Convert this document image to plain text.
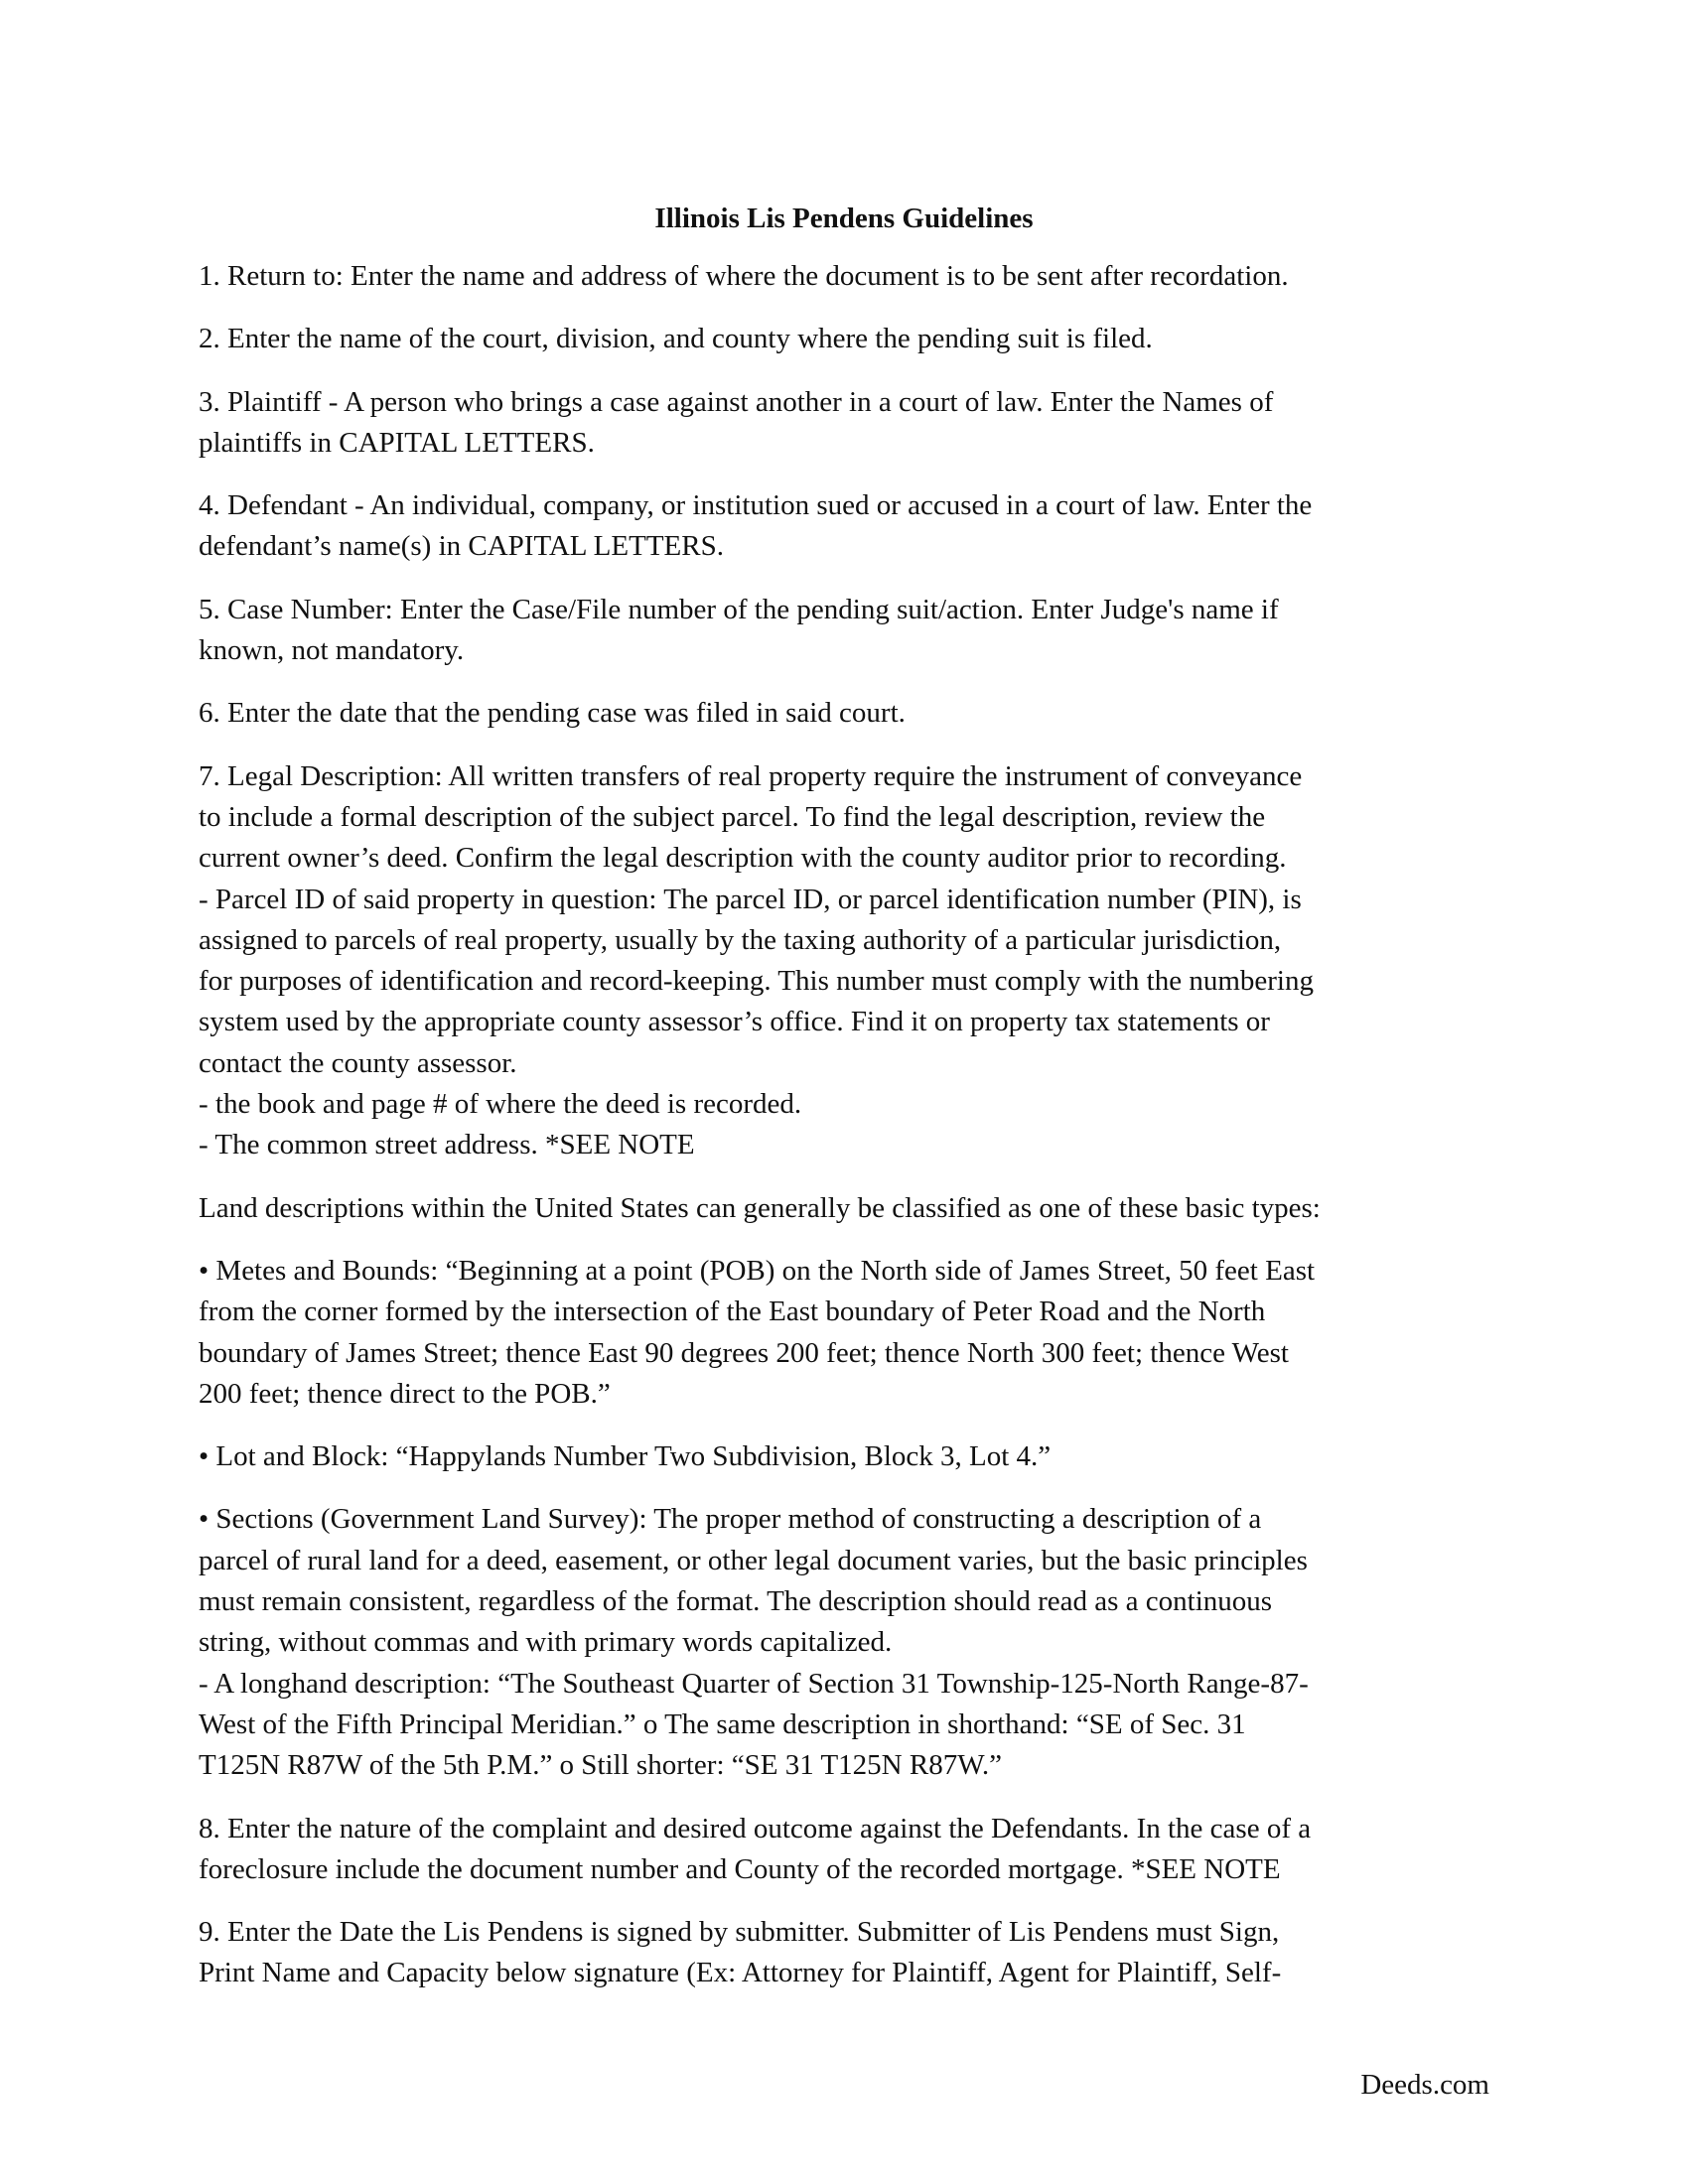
Illinois Lis Pendens Guidelines
1. Return to: Enter the name and address of where the document is to be sent after recordation.
2. Enter the name of the court, division, and county where the pending suit is filed.
3. Plaintiff - A person who brings a case against another in a court of law. Enter the Names of
plaintiffs in CAPITAL LETTERS.
4. Defendant - An individual, company, or institution sued or accused in a court of law. Enter the
defendant’s name(s) in CAPITAL LETTERS.
5. Case Number: Enter the Case/File number of the pending suit/action. Enter Judge's name if
known, not mandatory.
6. Enter the date that the pending case was filed in said court.
7. Legal Description: All written transfers of real property require the instrument of conveyance
to include a formal description of the subject parcel. To find the legal description, review the
current owner’s deed. Confirm the legal description with the county auditor prior to recording.
- Parcel ID of said property in question: The parcel ID, or parcel identification number (PIN), is
assigned to parcels of real property, usually by the taxing authority of a particular jurisdiction,
for purposes of identification and record-keeping. This number must comply with the numbering
system used by the appropriate county assessor’s office. Find it on property tax statements or
contact the county assessor.
- the book and page # of where the deed is recorded.
- The common street address. *SEE NOTE
Land descriptions within the United States can generally be classified as one of these basic types:
• Metes and Bounds: “Beginning at a point (POB) on the North side of James Street, 50 feet East
from the corner formed by the intersection of the East boundary of Peter Road and the North
boundary of James Street; thence East 90 degrees 200 feet; thence North 300 feet; thence West
200 feet; thence direct to the POB.”
• Lot and Block: “Happylands Number Two Subdivision, Block 3, Lot 4.”
• Sections (Government Land Survey): The proper method of constructing a description of a
parcel of rural land for a deed, easement, or other legal document varies, but the basic principles
must remain consistent, regardless of the format. The description should read as a continuous
string, without commas and with primary words capitalized.
- A longhand description: “The Southeast Quarter of Section 31 Township-125-North Range-87-
West of the Fifth Principal Meridian.” o The same description in shorthand: “SE of Sec. 31
T125N R87W of the 5th P.M.” o Still shorter: “SE 31 T125N R87W.”
8. Enter the nature of the complaint and desired outcome against the Defendants. In the case of a
foreclosure include the document number and County of the recorded mortgage. *SEE NOTE
9. Enter the Date the Lis Pendens is signed by submitter. Submitter of Lis Pendens must Sign,
Print Name and Capacity below signature (Ex: Attorney for Plaintiff, Agent for Plaintiff, Self-
Deeds.com
